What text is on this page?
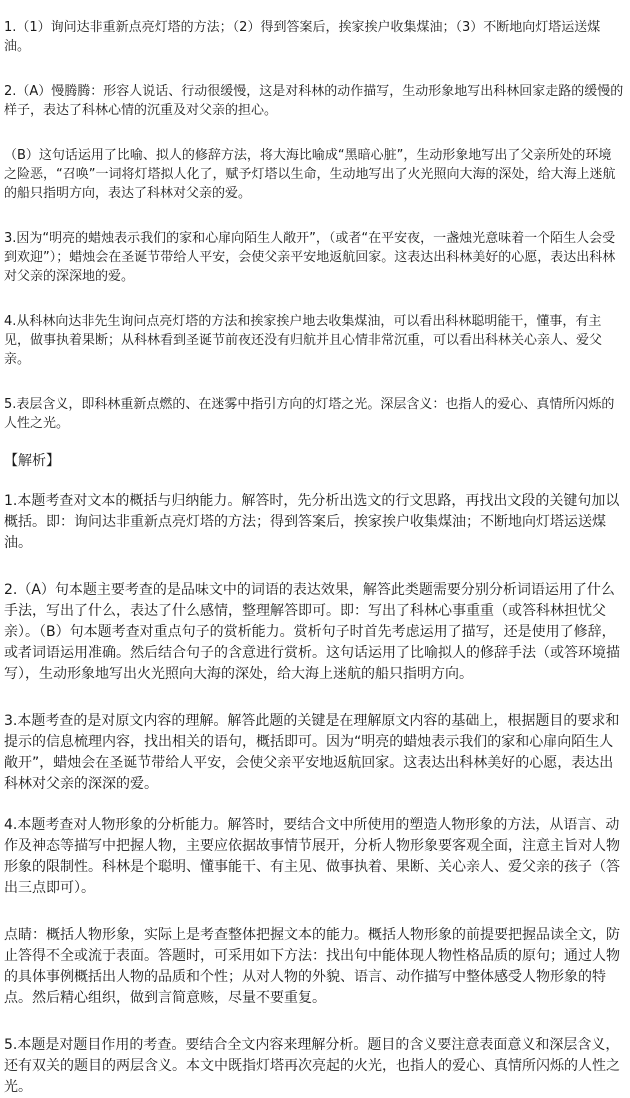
1.（1）询问达非重新点亮灯塔的方法；（2）得到答案后，挨家挨户收集煤油；（3）不断地向灯塔运送煤油。

2.（A）慢腾腾：形容人说话、行动很缓慢，这是对科林的动作描写，生动形象地写出科林回家走路的缓慢的样子，表达了科林心情的沉重及对父亲的担心。

（B）这句话运用了比喻、拟人的修辞方法，将大海比喻成“黑暗心脏”，生动形象地写出了父亲所处的环境之险恶，“召唤”一词将灯塔拟人化了，赋予灯塔以生命，生动地写出了火光照向大海的深处，给大海上迷航的船只指明方向，表达了科林对父亲的爱。

3.因为“明亮的蜡烛表示我们的家和心扉向陌生人敞开”，（或者“在平安夜，一盏烛光意味着一个陌生人会受到欢迎”）；蜡烛会在圣诞节带给人平安，会使父亲平安地返航回家。这表达出科林美好的心愿，表达出科林对父亲的深深地的爱。

4.从科林向达非先生询问点亮灯塔的方法和挨家挨户地去收集煤油，可以看出科林聪明能干，懂事，有主见，做事执着果断；从科林看到圣诞节前夜还没有归航并且心情非常沉重，可以看出科林关心亲人、爱父亲。

5.表层含义，即科林重新点燃的、在迷雾中指引方向的灯塔之光。深层含义：也指人的爱心、真情所闪烁的人性之光。

【解析】

1.本题考查对文本的概括与归纳能力。解答时，先分析出选文的行文思路，再找出文段的关键句加以概括。即：询问达非重新点亮灯塔的方法；得到答案后，挨家挨户收集煤油；不断地向灯塔运送煤油。

2.（A）句本题主要考查的是品味文中的词语的表达效果，解答此类题需要分别分析词语运用了什么手法，写出了什么，表达了什么感情，整理解答即可。即：写出了科林心事重重（或答科林担忧父亲）。（B）句本题考查对重点句子的赏析能力。赏析句子时首先考虑运用了描写，还是使用了修辞，或者词语运用准确。然后结合句子的含意进行赏析。这句话运用了比喻拟人的修辞手法（或答环境描写），生动形象地写出火光照向大海的深处，给大海上迷航的船只指明方向。

3.本题考查的是对原文内容的理解。解答此题的关键是在理解原文内容的基础上，根据题目的要求和提示的信息梳理内容，找出相关的语句，概括即可。因为“明亮的蜡烛表示我们的家和心扉向陌生人敞开”，蜡烛会在圣诞节带给人平安，会使父亲平安地返航回家。这表达出科林美好的心愿，表达出科林对父亲的深深的爱。

4.本题考查对人物形象的分析能力。解答时，要结合文中所使用的塑造人物形象的方法，从语言、动作及神态等描写中把握人物，主要应依据故事情节展开，分析人物形象要客观全面，注意主旨对人物形象的限制性。科林是个聪明、懂事能干、有主见、做事执着、果断、关心亲人、爱父亲的孩子（答出三点即可）。

点睛：概括人物形象，实际上是考查整体把握文本的能力。概括人物形象的前提要把握品读全文，防止答得不全或流于表面。答题时，可采用如下方法：找出句中能体现人物性格品质的原句；通过人物的具体事例概括出人物的品质和个性；从对人物的外貌、语言、动作描写中整体感受人物形象的特点。然后精心组织，做到言简意赅，尽量不要重复。

5.本题是对题目作用的考查。要结合全文内容来理解分析。题目的含义要注意表面意义和深层含义，还有双关的题目的两层含义。本文中既指灯塔再次亮起的火光，也指人的爱心、真情所闪烁的人性之光。
